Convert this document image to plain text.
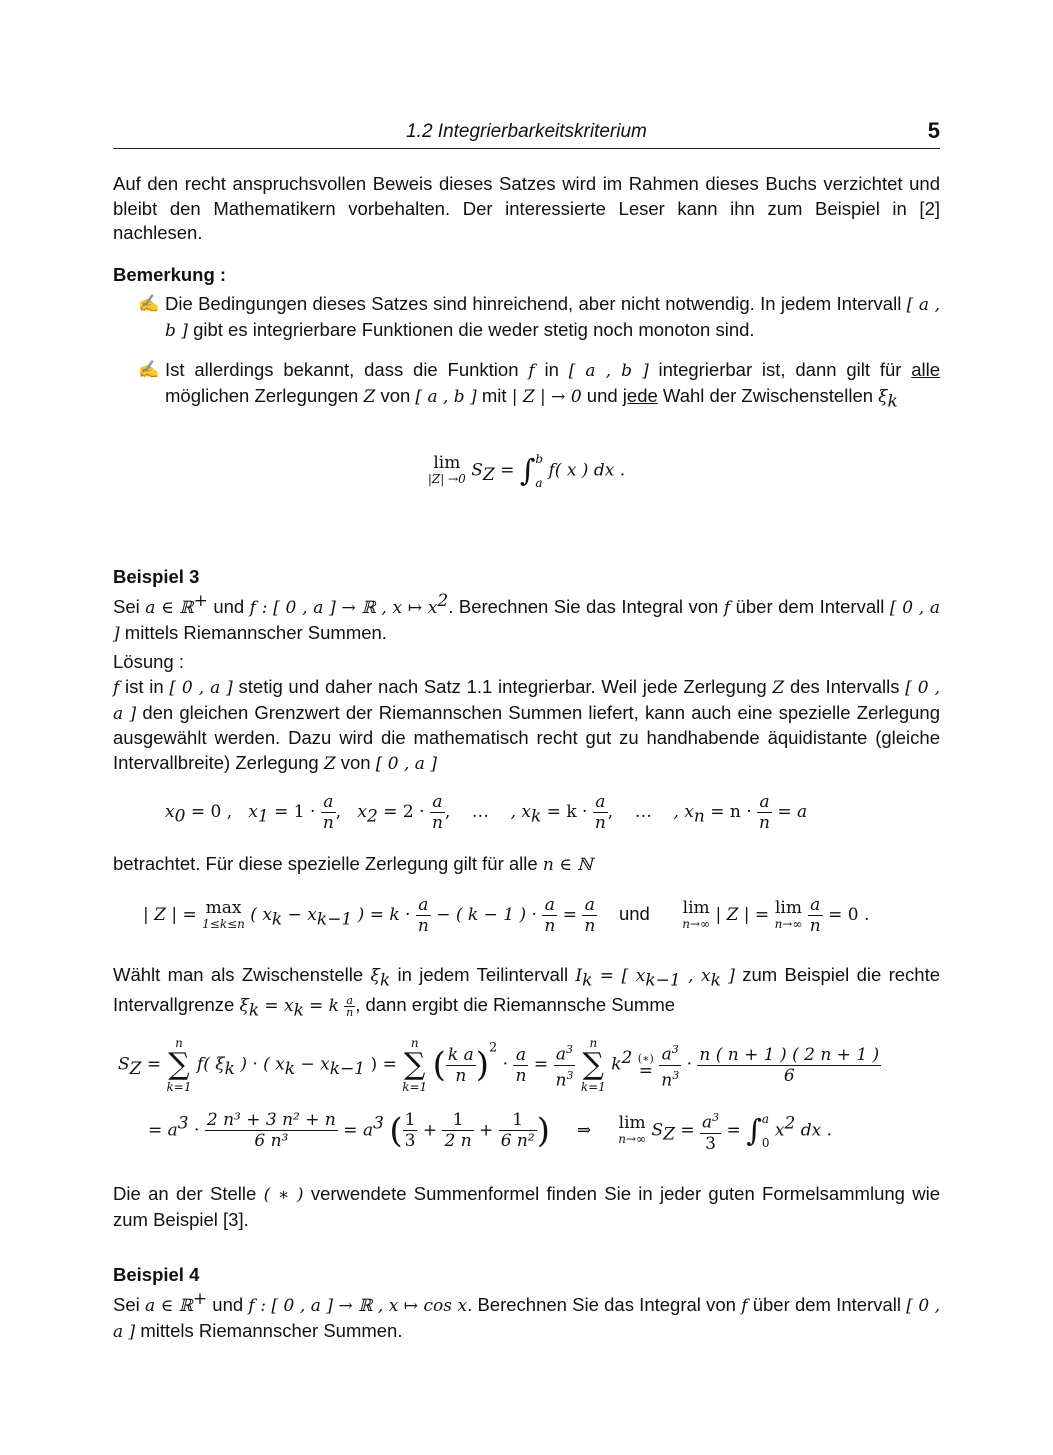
1.2 Integrierbarkeitskriterium	5
Auf den recht anspruchsvollen Beweis dieses Satzes wird im Rahmen dieses Buchs verzichtet und bleibt den Mathematikern vorbehalten. Der interessierte Leser kann ihn zum Beispiel in [2] nachlesen.
Bemerkung :
✍ Die Bedingungen dieses Satzes sind hinreichend, aber nicht notwendig. In jedem Intervall [ a , b ] gibt es integrierbare Funktionen die weder stetig noch monoton sind.
✍ Ist allerdings bekannt, dass die Funktion f in [ a , b ] integrierbar ist, dann gilt für alle möglichen Zerlegungen Z von [ a , b ] mit | Z | → 0 und jede Wahl der Zwischenstellen $\xi_k$
lim
|Z| →0 $S_Z$ = ∫ b
a
f( x ) dx .
Beispiel 3
Sei a ∈ ℝ+ und f : [ 0 , a ] → ℝ , x ↦ $x^2$. Berechnen Sie das Integral von f über dem Intervall [ 0 , a ] mittels Riemannscher Summen.
Lösung :
f ist in [ 0 , a ] stetig und daher nach Satz 1.1 integrierbar. Weil jede Zerlegung Z des Intervalls [ 0 , a ] den gleichen Grenzwert der Riemannschen Summen liefert, kann auch eine spezielle Zerlegung ausgewählt werden. Dazu wird die mathematisch recht gut zu handhabende äquidistante (gleiche Intervallbreite) Zerlegung Z von [ 0 , a ]
$x_0 = 0$ , $x_1 = 1 \cdot \frac{a}{n}$ , $x_2 = 2 \cdot \frac{a}{n}$ , … , $x_k = k \cdot \frac{a}{n}$ , … , $x_n = n \cdot \frac{a}{n} = a$
betrachtet. Für diese spezielle Zerlegung gilt für alle n ∈ ℕ
| Z | = max
1≤k≤n ( $x_k - x_{k-1}$ ) = $k \cdot \frac{a}{n}$ − ( k − 1 ) · $\frac{a}{n} = \frac{a}{n}$ und lim
n→∞ | Z | = lim
n→∞
$\frac{a}{n} = 0$ .
Wählt man als Zwischenstelle $\xi_k$ in jedem Teilintervall $I_k$ = [ $x_{k-1}$ , $x_k$ ] zum Beispiel die rechte Intervallgrenze $\xi_k = x_k = k \frac{a}{n}$ , dann ergibt die Riemannsche Summe
$S_Z$ =
n
∑
k=1
f( $\xi_k$ ) · ( $x_k - x_{k-1}$ ) =
n
∑
k=1
( $\frac{\text{k a}}{n} )^2 \cdot \frac{a}{n} = \frac{a^3}{n^3}$
	n
∑
k=1
$k^2$ (∗)
=
$\frac{a^3}{n^3} \cdot \frac{n ( n + 1 ) ( 2 n + 1 )}{6}$
= $a^3 \cdot \frac{\text{2 n³ + 3 n² + n}}{\text{6 n³}} = a^3$ ( $\frac{1}{3} + \frac{1}{2 n} + \frac{1}{\text{6 n²}}$ ) ⇒ lim
n→∞ $S_Z = \frac{a^3}{3}$ = ∫ a
0
$x^2$ dx .
Die an der Stelle ( ∗ ) verwendete Summenformel finden Sie in jeder guten Formelsammlung wie zum Beispiel [3].
Beispiel 4
Sei a ∈ ℝ+ und f : [ 0 , a ] → ℝ , x ↦ cos x. Berechnen Sie das Integral von f über dem Intervall [ 0 , a ] mittels Riemannscher Summen.
